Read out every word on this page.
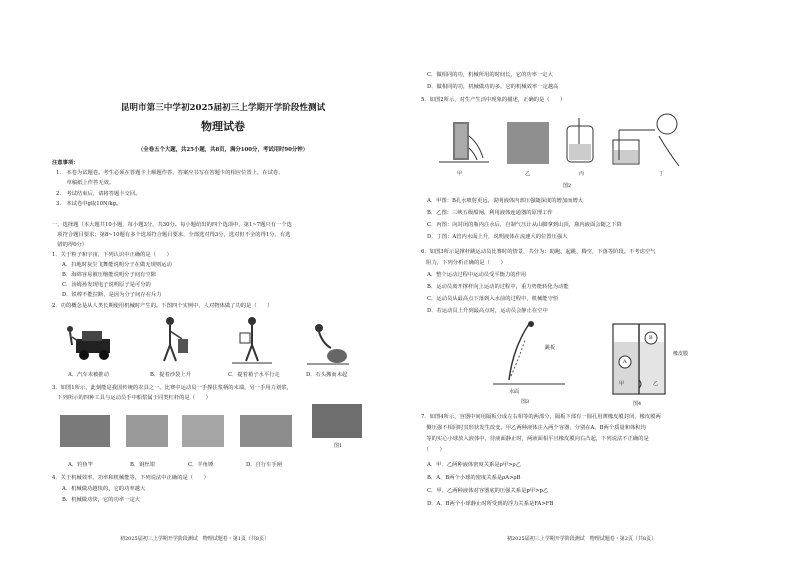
昆明市第三中学初2025届初三上学期开学阶段性测试
物理试卷
（全卷五个大题，共25小题，共8页，满分100分，考试用时90分钟）
注意事项：
1.　本卷为试题卷。考生必须在答题卡上解题作答，答案应书写在答题卡的相应位置上，在试卷、
　　草稿纸上作答无效。
2.　考试结束后，请将答题卡交回。
3.　本试卷中g取10N/kg。
一、选择题（本大题共10小题，每小题3分，共30分。每小题给出的四个选项中，第1~7题只有一个选
　项符合题目要求；第8~10题有多个选项符合题目要求，全部选对得3分，选对但不全的得1分，有选
　错的得0分）
1．关于粒子和宇宙，下列认识中正确的是（　　）
A．扫地时灰尘飞舞能说明分子在做无规则运动
B．海绵容易被压缩能说明分子间有空隙
C．汤姆孙发现电子说明原子是可分的
D．铁棒不能拉断，是因为分子间存在斥力
2．功的概念是从人类长期使用机械时产生的。下图四个实例中，人对物体做了功的是（　　）
A．汽车未被推动	B．提着沙袋上升	C．提着箱子水平行走	D．石头搬而未起
3．如图1所示，此刻能是我国传统的农具之一。比赛中运动员一手撑住浆柄的末端，另一手用力划浆，
　下列所示的四种工具与运动员手中船浆属于同类杠杆的是（　　）
图1
A．钓鱼竿	B．钢丝钳	C．羊角锤	D．自行车手闸
4．关于机械效率、功率和机械能等，下列说法中正确的是（　　）
A．机械做功越快的，它的功率越大
B．机械做功快，它的功率一定大
初2025届初三上学期开学阶段测试　物理试题卷・第1页（共8页）
C．做相同的功，机械所用的时间长，它的功率一定大
D．做相同的功，机械做功的多，它的机械效率一定越高
5．如图2所示，对生产生活中现象的描述，正确的是（　　）
甲	乙	丙	丁
图2
A．甲图：B孔水喷射更远，说明液体内部压强随深度的增加而增大
B．乙图：三峡五级船闸，利用液体连通器的原理工作
C．丙图：向封闭的瓶内注水后，自制气压计从山脚拿到山顶，瓶内液面会随之下降
D．丁图：A管内水面上升，说明液体在流速大的位置压强大
6．如图3所示是撑杆跳运动员比赛时的情景，共分为：助跑、起跳、腾空，下落等阶段。不考虑空气
　阻力，下列分析正确的是（　　）
A．整个运动过程中运动员受平衡力的作用
B．运动员离开撑杆向上运动的过程中，重力势能转化为动能
C．运动员从最高点下落到入水前的过程中，机械能守恒
D．若运动员上升到最高点时，运动员会静止在空中
跳板
水面
图3
A
B
甲	乙
橡皮膜
图4
7．如图4所示，容器中间用隔板分成左右相等的两部分，隔板下部有一圆孔用薄橡皮膜封闭，橡皮膜两
　侧压强不相同时其形状发生改变。甲乙两种液体注入两个容器，分别在A、B两个质量和体积均
　等的实心小球放入液体中，待液面静止时，两液面相平且橡皮膜向右凸起，下列说法不正确的是
　（　　）
A．甲、乙两种液体密度关系是ρ甲>ρ乙
B．A、B两个小球的密度关系是ρA>ρB
C．甲、乙两种液体对容器底的压强关系是p甲>p乙
D．A、B两个小球静止时所受到的浮力关系是FA>FB
初2025届初三上学期开学阶段测试　物理试题卷・第2页（共8页）
